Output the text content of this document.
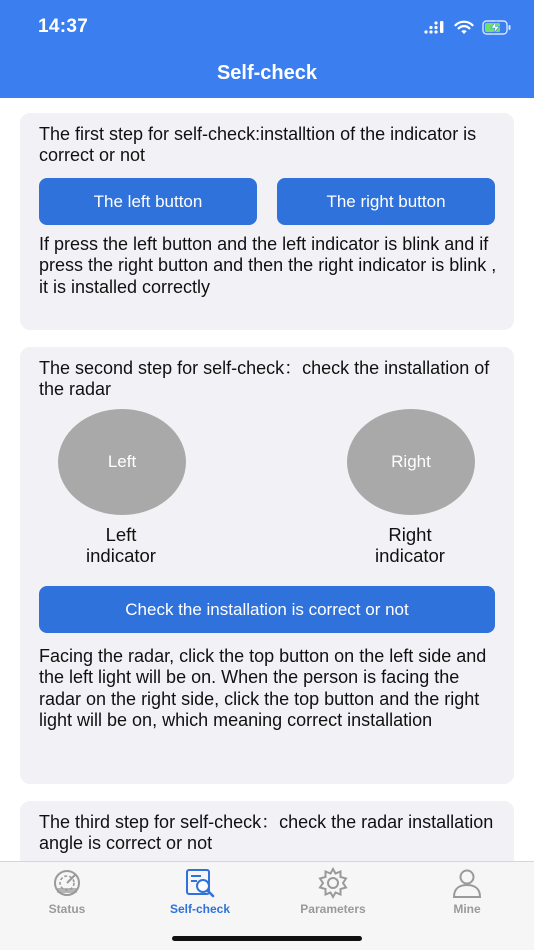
14:37
Self-check
The first step for self-check:installtion of the indicator is correct or not
The left button	The right button
If press the left button and the left indicator is blink and if press the right button and then the right indicator is blink , it is installed correctly
The second step for self-check：check the installation of the radar
Left	Right
Left indicator
Right indicator
Check the installation is correct or not
Facing the radar, click the top button on the left side and the left light will be on. When the person is facing the radar on the right side, click the top button and the right light will be on, which meaning correct installation
The third step for self-check：check the radar installation angle is correct or not
Status	Self-check	Parameters	Mine
